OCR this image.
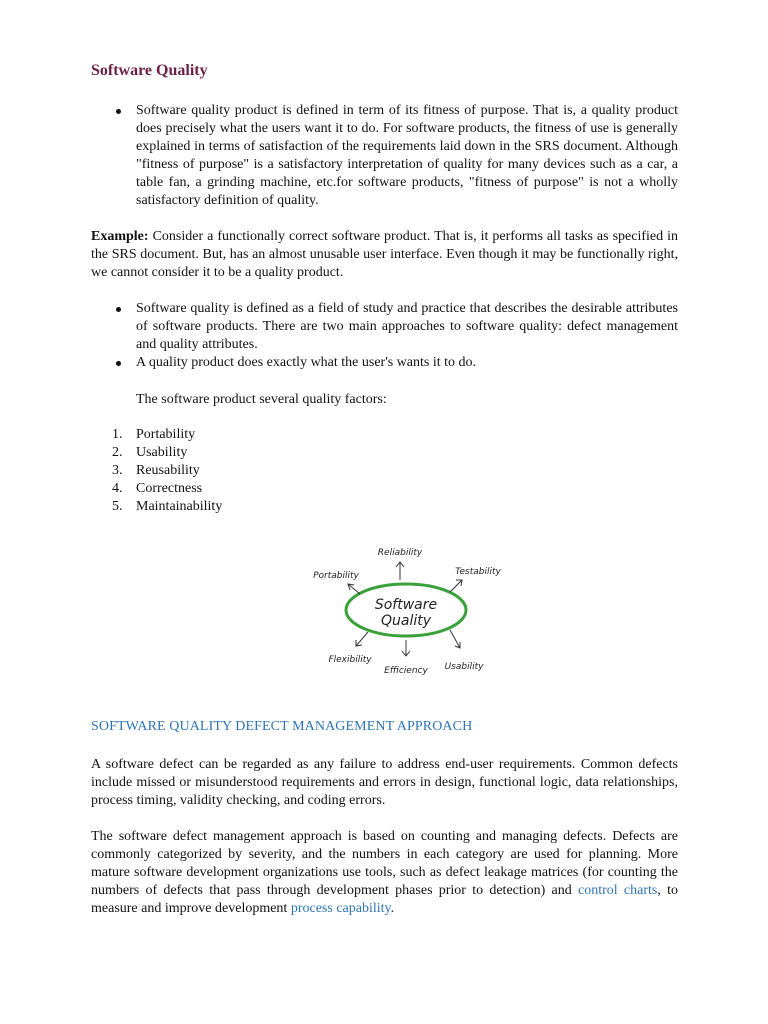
Software Quality
Software quality product is defined in term of its fitness of purpose. That is, a quality product does precisely what the users want it to do. For software products, the fitness of use is generally explained in terms of satisfaction of the requirements laid down in the SRS document. Although "fitness of purpose" is a satisfactory interpretation of quality for many devices such as a car, a table fan, a grinding machine, etc.for software products, "fitness of purpose" is not a wholly satisfactory definition of quality.

Example: Consider a functionally correct software product. That is, it performs all tasks as specified in the SRS document. But, has an almost unusable user interface. Even though it may be functionally right, we cannot consider it to be a quality product.

Software quality is defined as a field of study and practice that describes the desirable attributes of software products. There are two main approaches to software quality: defect management and quality attributes.
A quality product does exactly what the user's wants it to do.

The software product several quality factors:

1. Portability
2. Usability
3. Reusability
4. Correctness
5. Maintainability
Software
Quality
Reliability
Portability	Testability
Flexibility
Efficiency Usability
SOFTWARE QUALITY DEFECT MANAGEMENT APPROACH

A software defect can be regarded as any failure to address end-user requirements. Common defects include missed or misunderstood requirements and errors in design, functional logic, data relationships, process timing, validity checking, and coding errors.

The software defect management approach is based on counting and managing defects. Defects are commonly categorized by severity, and the numbers in each category are used for planning. More mature software development organizations use tools, such as defect leakage matrices (for counting the numbers of defects that pass through development phases prior to detection) and control charts, to measure and improve development process capability.
